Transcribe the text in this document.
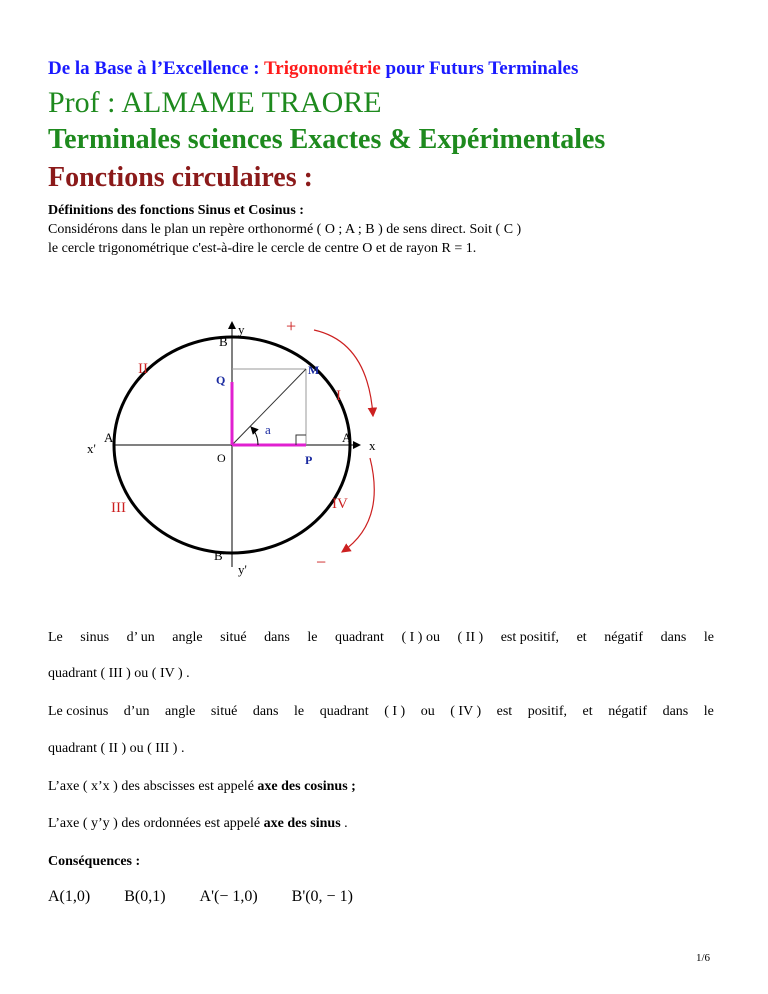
De la Base à l’Excellence : Trigonométrie pour Futurs Terminales
Prof : ALMAME TRAORE
Terminales sciences Exactes & Expérimentales
Fonctions circulaires :
Définitions des fonctions Sinus et Cosinus :
Considérons dans le plan un repère orthonormé ( O ; A ; B ) de sens direct. Soit ( C )
le cercle trigonométrique c'est-à-dire le cercle de centre O et de rayon R = 1.
y
B
+
II
Q
M
I
x'
A'
a
A
x
O	P
III	IV
B'
y'	−
Le sinus d’ un angle situé dans le quadrant ( I ) ou ( II ) est positif, et négatif dans le
quadrant ( III ) ou ( IV ) .
Le cosinus d’un angle situé dans le quadrant ( I ) ou ( IV ) est positif, et négatif dans le
quadrant ( II ) ou ( III ) .
L’axe ( x’x ) des abscisses est appelé axe des cosinus ;
L’axe ( y’y ) des ordonnées est appelé axe des sinus .
Conséquences :
A(1,0) B(0,1) A'(− 1,0) B'(0, − 1)
1/6
